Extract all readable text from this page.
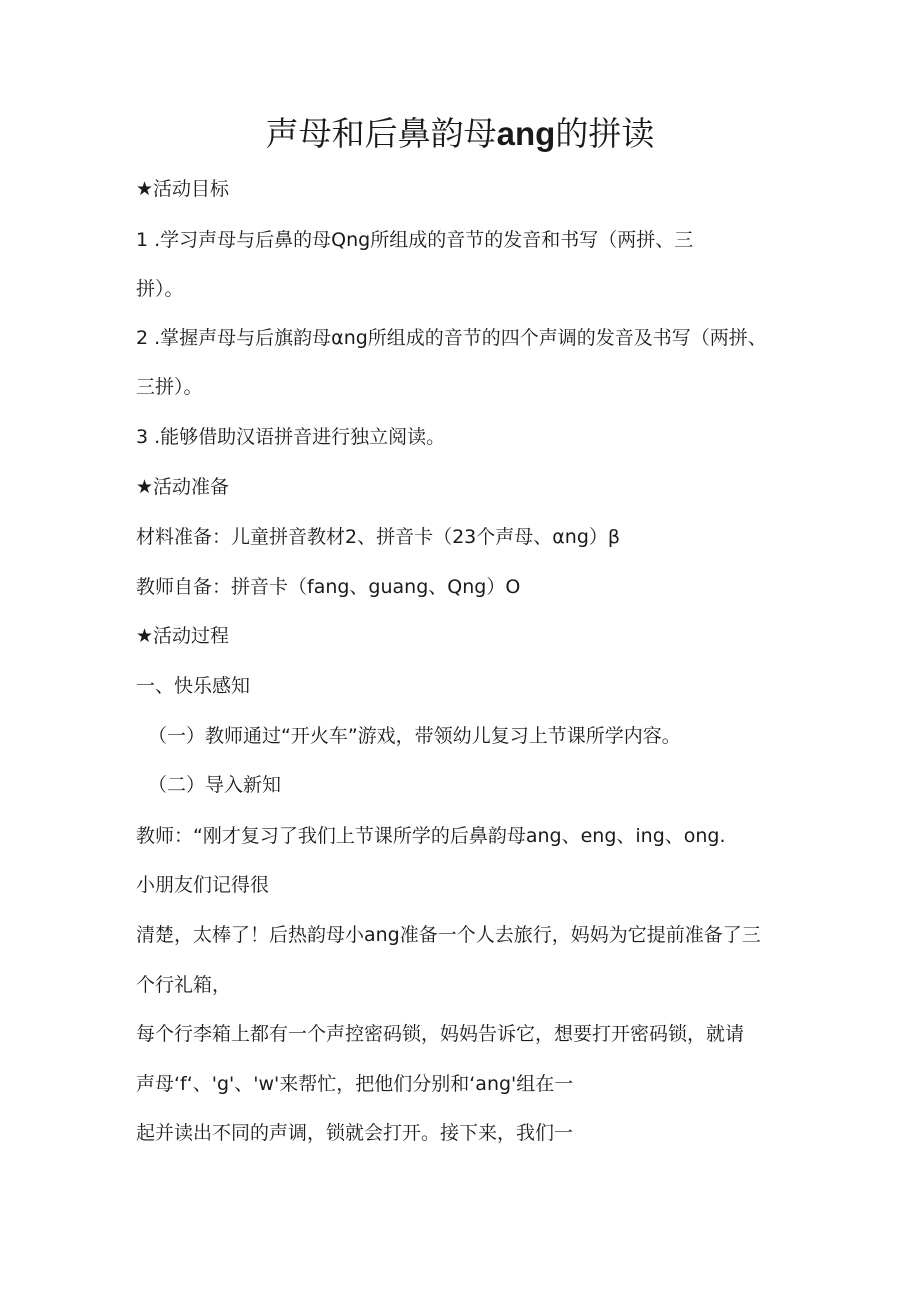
声母和后鼻韵母ang的拼读
★活动目标
1 .学习声母与后鼻的母Qng所组成的音节的发音和书写（两拼、三
拼）。
2 .掌握声母与后旗韵母αng所组成的音节的四个声调的发音及书写（两拼、
三拼）。
3 .能够借助汉语拼音进行独立阅读。
★活动准备
材料准备：儿童拼音教材2、拼音卡（23个声母、αng）β
教师自备：拼音卡（fang、guang、Qng）O
★活动过程
一、快乐感知
（一）教师通过“开火车”游戏，带领幼儿复习上节课所学内容。
（二）导入新知
教师：“刚才复习了我们上节课所学的后鼻韵母ang、eng、ing、ong.
小朋友们记得很
清楚，太棒了！后热韵母小ang准备一个人去旅行，妈妈为它提前准备了三
个行礼箱，
每个行李箱上都有一个声控密码锁，妈妈告诉它，想要打开密码锁，就请
声母‘f‘、'g'、'w'来帮忙，把他们分别和‘ang'组在一
起并读出不同的声调，锁就会打开。接下来，我们一
